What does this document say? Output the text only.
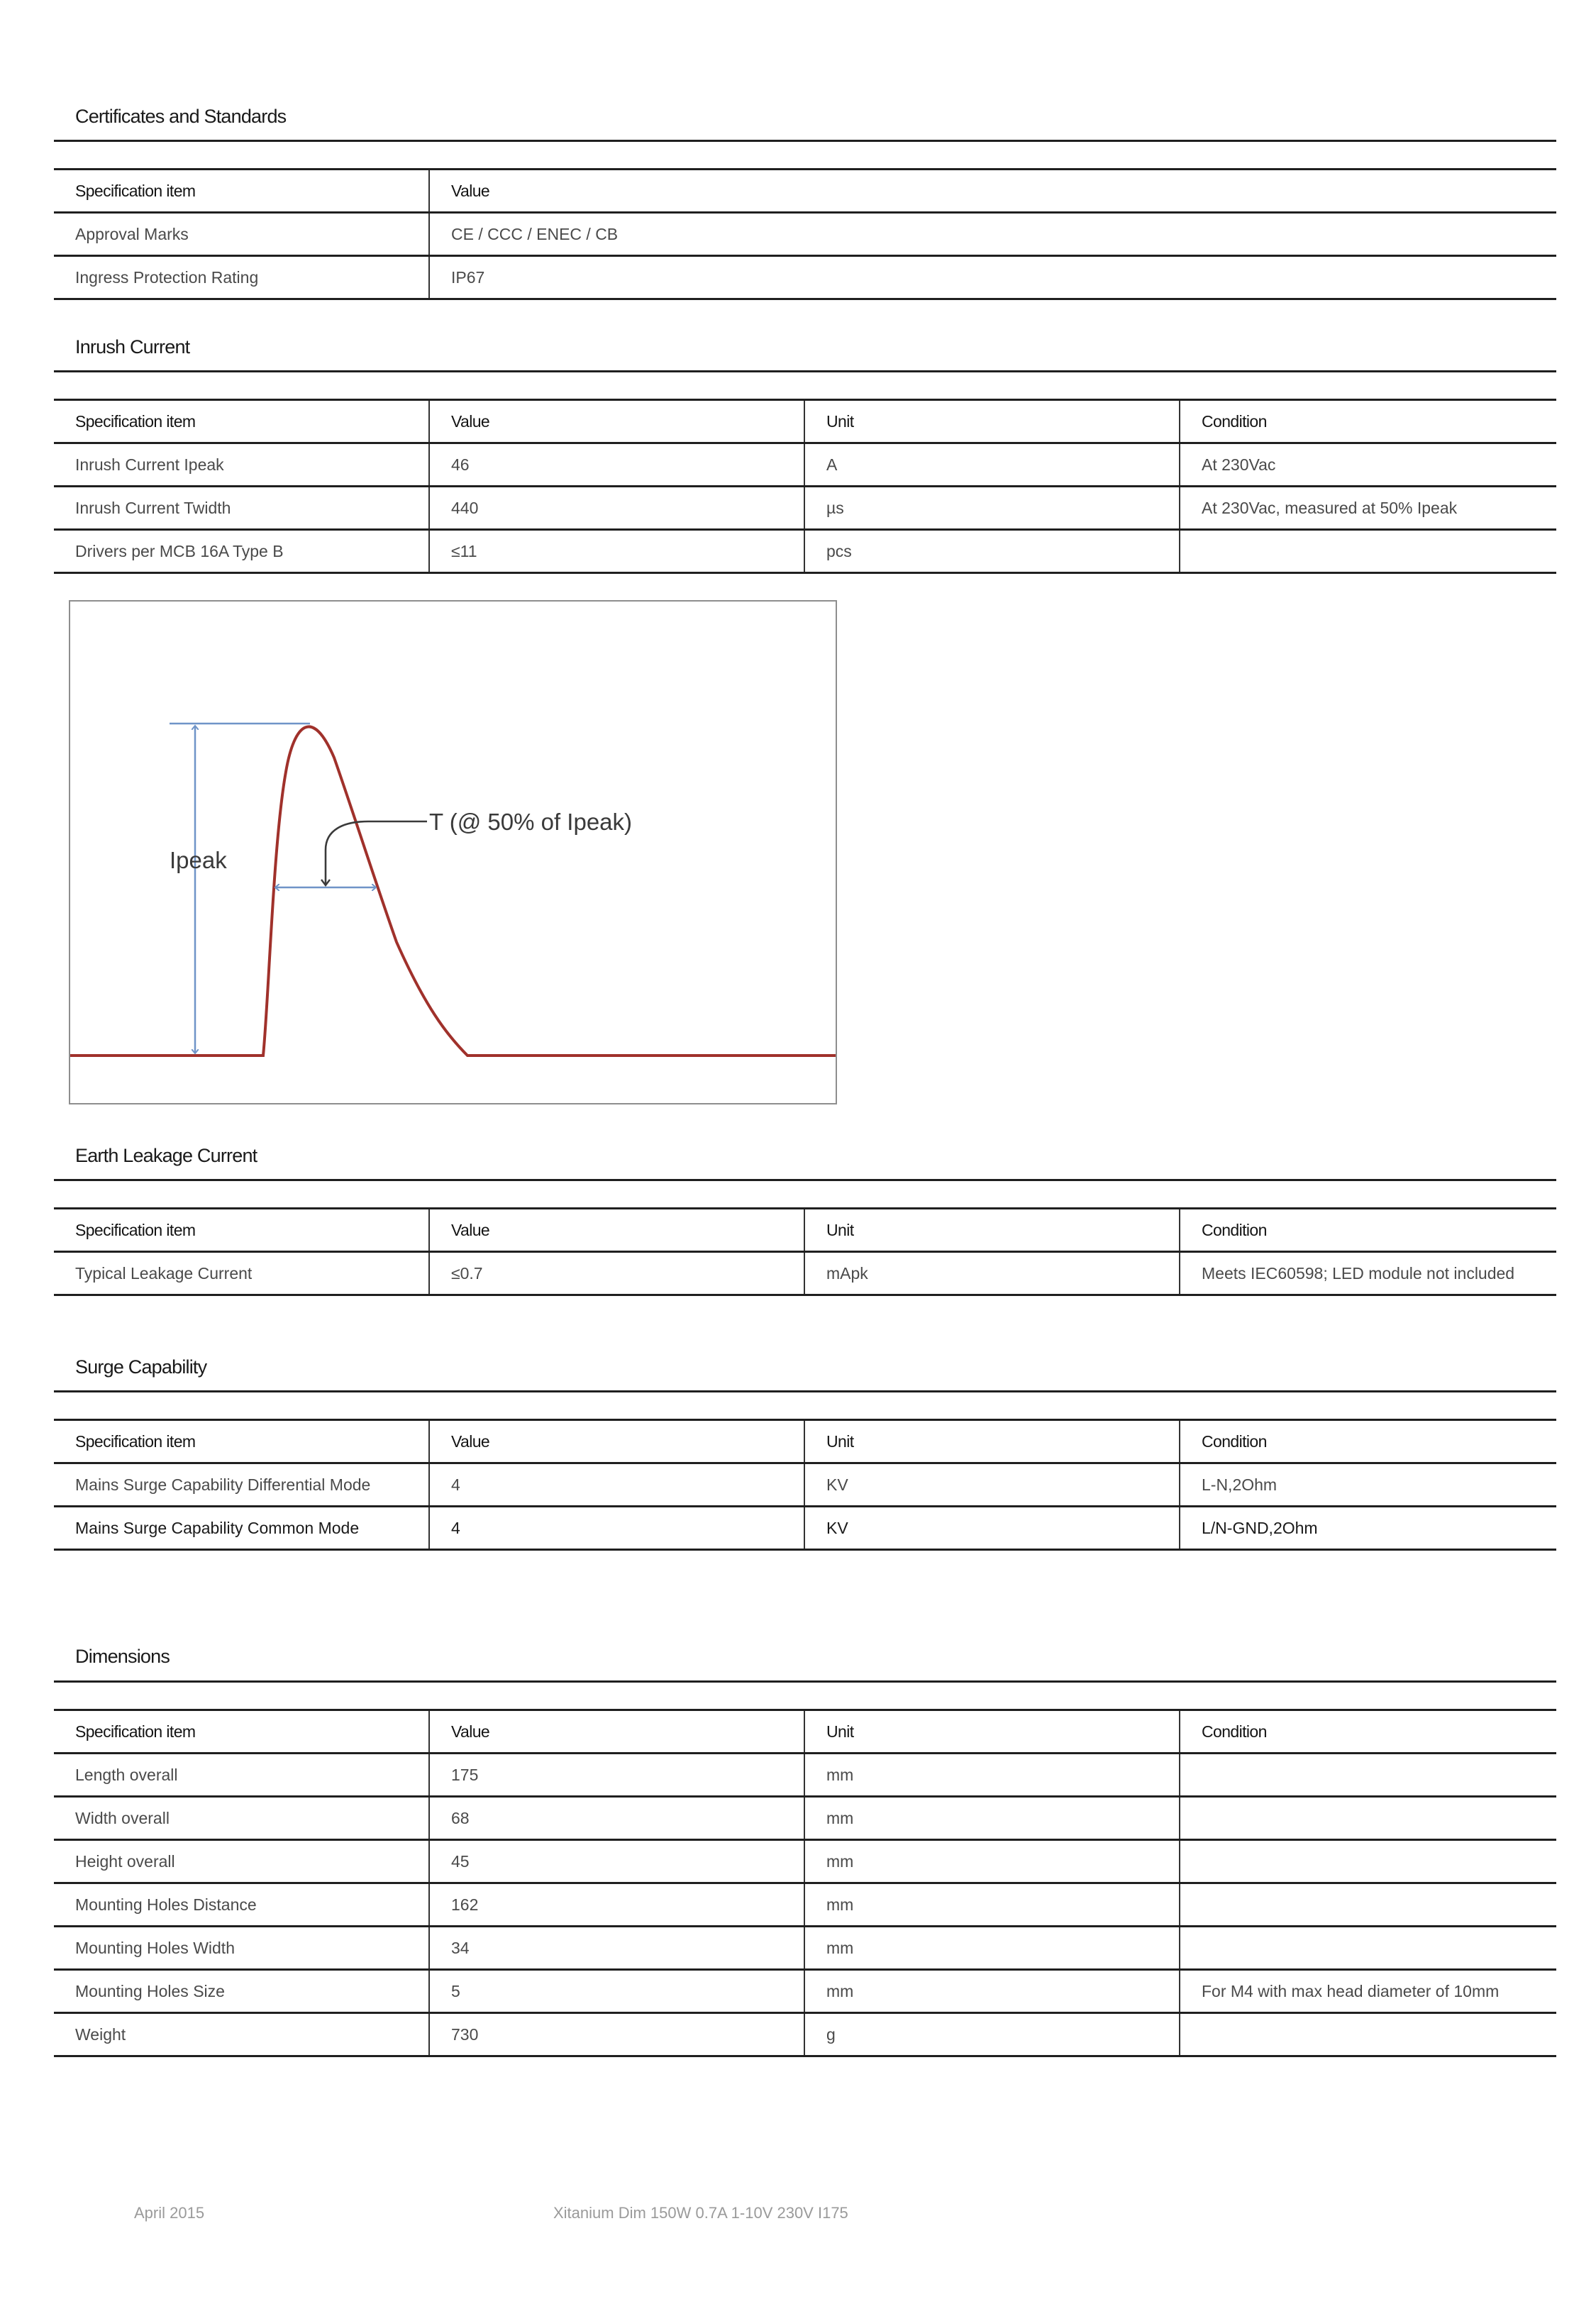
Certificates and Standards
Specification item	Value
Approval Marks	CE / CCC / ENEC / CB
Ingress Protection Rating	IP67
Inrush Current
Specification item	Value	Unit	Condition
Inrush Current Ipeak	46	A	At 230Vac
Inrush Current Twidth	440	µs	At 230Vac, measured at 50% Ipeak
Drivers per MCB 16A Type B	≤11	pcs	
Ipeak
T (@ 50% of Ipeak)
Earth Leakage Current
Specification item	Value	Unit	Condition
Typical Leakage Current	≤0.7	mApk	Meets IEC60598; LED module not included
Surge Capability
Specification item	Value	Unit	Condition
Mains Surge Capability Differential Mode	4	KV	L-N,2Ohm
Mains Surge Capability Common Mode	4	KV	L/N-GND,2Ohm
Dimensions
Specification item	Value	Unit	Condition
Length overall	175	mm	
Width overall	68	mm	
Height overall	45	mm	
Mounting Holes Distance	162	mm	
Mounting Holes Width	34	mm	
Mounting Holes Size	5	mm	For M4 with max head diameter of 10mm
Weight	730	g	
April 2015	Xitanium Dim 150W 0.7A 1-10V 230V I175
